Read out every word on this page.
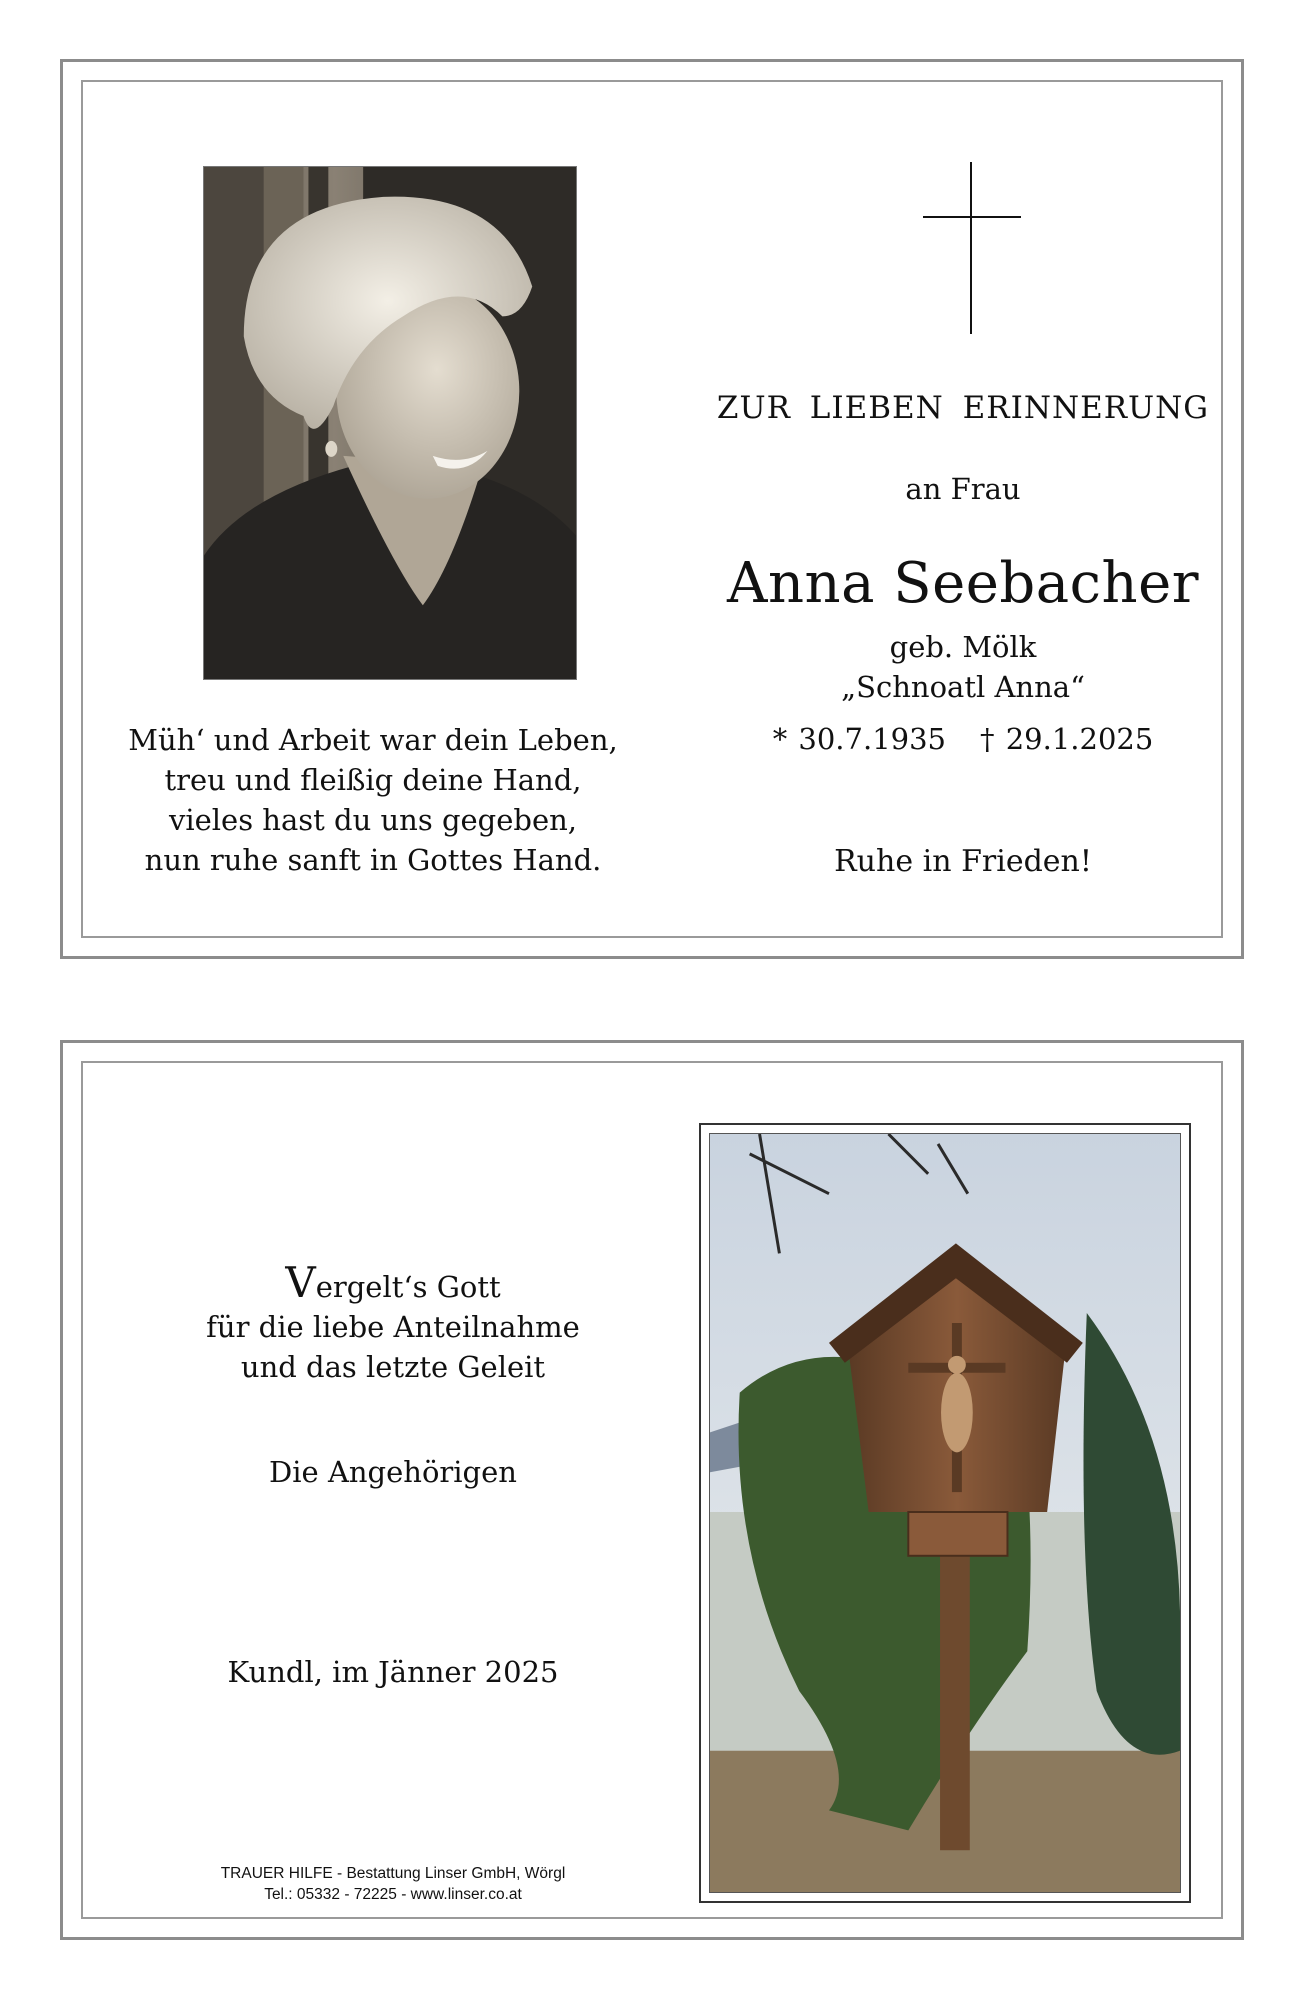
Müh‘ und Arbeit war dein Leben,
treu und fleißig deine Hand,
vieles hast du uns gegeben,
nun ruhe sanft in Gottes Hand.
ZUR LIEBEN ERINNERUNG
an Frau
Anna Seebacher
geb. Mölk
„Schnoatl Anna“
* 30.7.1935 † 29.1.2025
Ruhe in Frieden!
Vergelt‘s Gott
für die liebe Anteilnahme
und das letzte Geleit
Die Angehörigen
Kundl, im Jänner 2025
TRAUER HILFE - Bestattung Linser GmbH, Wörgl
Tel.: 05332 - 72225 - www.linser.co.at
